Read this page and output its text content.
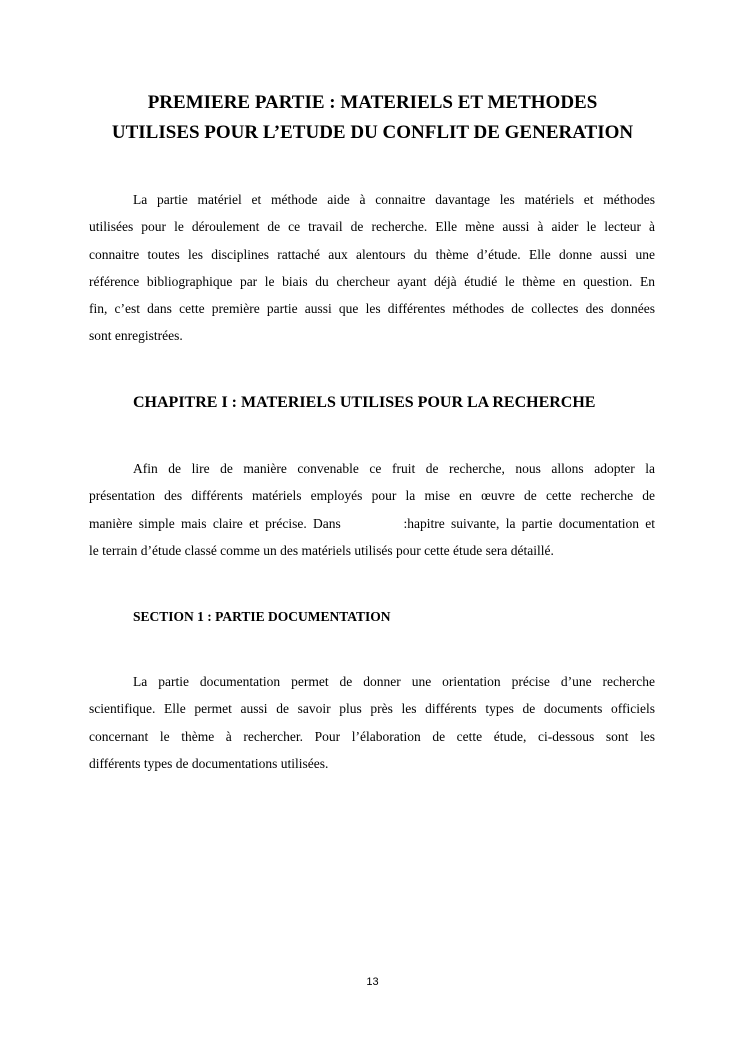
PREMIERE PARTIE : MATERIELS ET METHODES
UTILISES POUR L’ETUDE DU CONFLIT DE GENERATION
La partie matériel et méthode aide à connaitre davantage les matériels et méthodes
utilisées pour le déroulement de ce travail de recherche. Elle mène aussi à aider le lecteur à
connaitre toutes les disciplines rattaché aux alentours du thème d’étude. Elle donne aussi une
référence bibliographique par le biais du chercheur ayant déjà étudié le thème en question. En
fin, c’est dans cette première partie aussi que les différentes méthodes de collectes des données
sont enregistrées.
CHAPITRE I : MATERIELS UTILISES POUR LA RECHERCHE
Afin de lire de manière convenable ce fruit de recherche, nous allons adopter la
présentation des différents matériels employés pour la mise en œuvre de cette recherche de
manière simple mais claire et précise. Dans          :hapitre suivante, la partie documentation et
le terrain d’étude classé comme un des matériels utilisés pour cette étude sera détaillé.
SECTION 1 : PARTIE DOCUMENTATION
La partie documentation permet de donner une orientation précise d’une recherche
scientifique. Elle permet aussi de savoir plus près les différents types de documents officiels
concernant le thème à rechercher. Pour l’élaboration de cette étude, ci-dessous sont les
différents types de documentations utilisées.
13
